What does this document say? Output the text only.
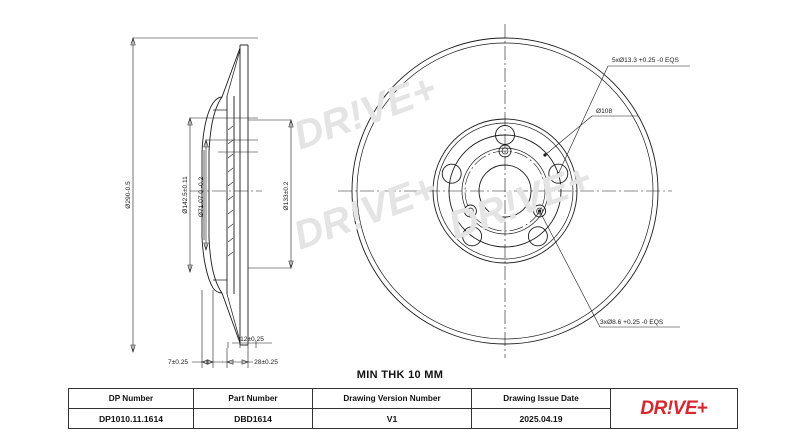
Ø290-0.5	Ø142.5±0.11 Ø71.07 0 -0.2	Ø133±0.2
12±0.25
7±0.25	28±0.25
5xØ13.3 +0.25 -0 EQS
Ø108
3xØ8.6 +0.25 -0 EQS
DR!VE+
DR!VE+ DR!VE+
MIN THK 10 MM
DP Number	Part Number	Drawing Version Number	Drawing Issue Date	DR!VE+

DP1010.11.1614	DBD1614	V1	2025.04.19	
